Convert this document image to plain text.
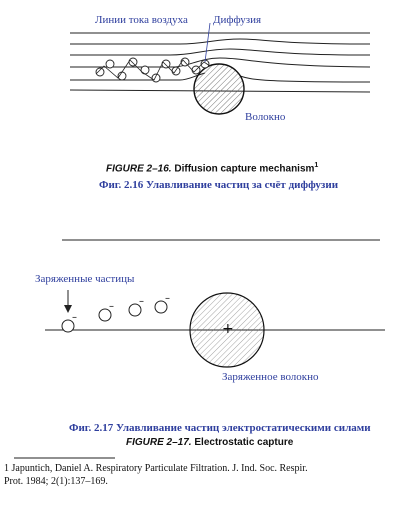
Линии тока воздуха Диффузия
Волокно
FIGURE 2–16. Diffusion capture mechanism$^1$
Фиг. 2.16 Улавливание частиц за счёт диффузии
Заряженные частицы
–
–	– –
+
Заряженное волокно
Фиг. 2.17 Улавливание частиц электростатическими силами
FIGURE 2–17. Electrostatic capture
1 Japuntich, Daniel A. Respiratory Particulate Filtration. J. Ind. Soc. Respir.
Prot. 1984; 2(1):137–169.
